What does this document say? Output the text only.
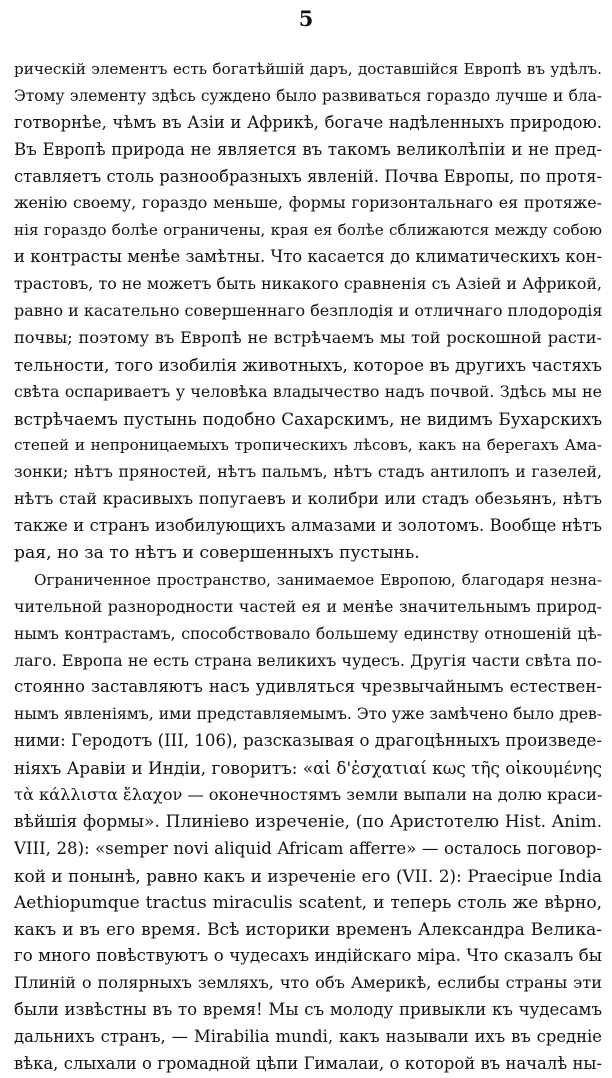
5
рическій элементъ есть богатѣйшій даръ, доставшійся Европѣ въ удѣлъ.
Этому элементу здѣсь суждено было развиваться гораздо лучше и бла-
готворнѣе, чѣмъ въ Азіи и Африкѣ, богаче надѣленныхъ природою.
Въ Европѣ природа не является въ такомъ великолѣпіи и не пред-
ставляетъ столь разнообразныхъ явленій. Почва Европы, по протя-
женію своему, гораздо меньше, формы горизонтальнаго ея протяже-
нія гораздо болѣе ограничены, края ея болѣе сближаются между собою
и контрасты менѣе замѣтны. Что касается до климатическихъ кон-
трастовъ, то не можетъ быть никакого сравненія съ Азіей и Африкой,
равно и касательно совершеннаго безплодія и отличнаго плодородія
почвы; поэтому въ Европѣ не встрѣчаемъ мы той роскошной расти-
тельности, того изобилія животныхъ, которое въ другихъ частяхъ
свѣта оспариваетъ у человѣка владычество надъ почвой. Здѣсь мы не
встрѣчаемъ пустынь подобно Сахарскимъ, не видимъ Бухарскихъ
степей и непроницаемыхъ тропическихъ лѣсовъ, какъ на берегахъ Ама-
зонки; нѣтъ пряностей, нѣтъ пальмъ, нѣтъ стадъ антилопъ и газелей,
нѣтъ стай красивыхъ попугаевъ и колибри или стадъ обезьянъ, нѣтъ
также и странъ изобилующихъ алмазами и золотомъ. Вообще нѣтъ
рая, но за то нѣтъ и совершенныхъ пустынь.
Ограниченное пространство, занимаемое Европою, благодаря незна-
чительной разнородности частей ея и менѣе значительнымъ природ-
нымъ контрастамъ, способствовало большему единству отношеній цѣ-
лаго. Европа не есть страна великихъ чудесъ. Другія части свѣта по-
стоянно заставляютъ насъ удивляться чрезвычайнымъ естествен-
нымъ явленіямъ, ими представляемымъ. Это уже замѣчено было древ-
ними: Геродотъ (III, 106), разсказывая о драгоцѣнныхъ произведе-
ніяхъ Аравіи и Индіи, говоритъ: «αἱ δ'ἐσχατιαί κως τῆς οἰκουμένης
τὰ κάλλιστα ἔλαχον — оконечностямъ земли выпали на долю краси-
вѣйшія формы». Плиніево изреченіе, (по Аристотелю Hist. Anim.
VIII, 28): «semper novi aliquid Africam afferre» — осталось поговор-
кой и понынѣ, равно какъ и изреченіе его (VII. 2): Praecipue India
Aethiopumque tractus miraculis scatent, и теперь столь же вѣрно,
какъ и въ его время. Всѣ историки временъ Александра Велика-
го много повѣствуютъ о чудесахъ индійскаго міра. Что сказалъ бы
Плиній о полярныхъ земляхъ, что объ Америкѣ, еслибы страны эти
были извѣстны въ то время! Мы съ молоду привыкли къ чудесамъ
дальнихъ странъ, — Mirabilia mundi, какъ называли ихъ въ средніе
вѣка, слыхали о громадной цѣпи Гималаи, о которой въ началѣ ны-
